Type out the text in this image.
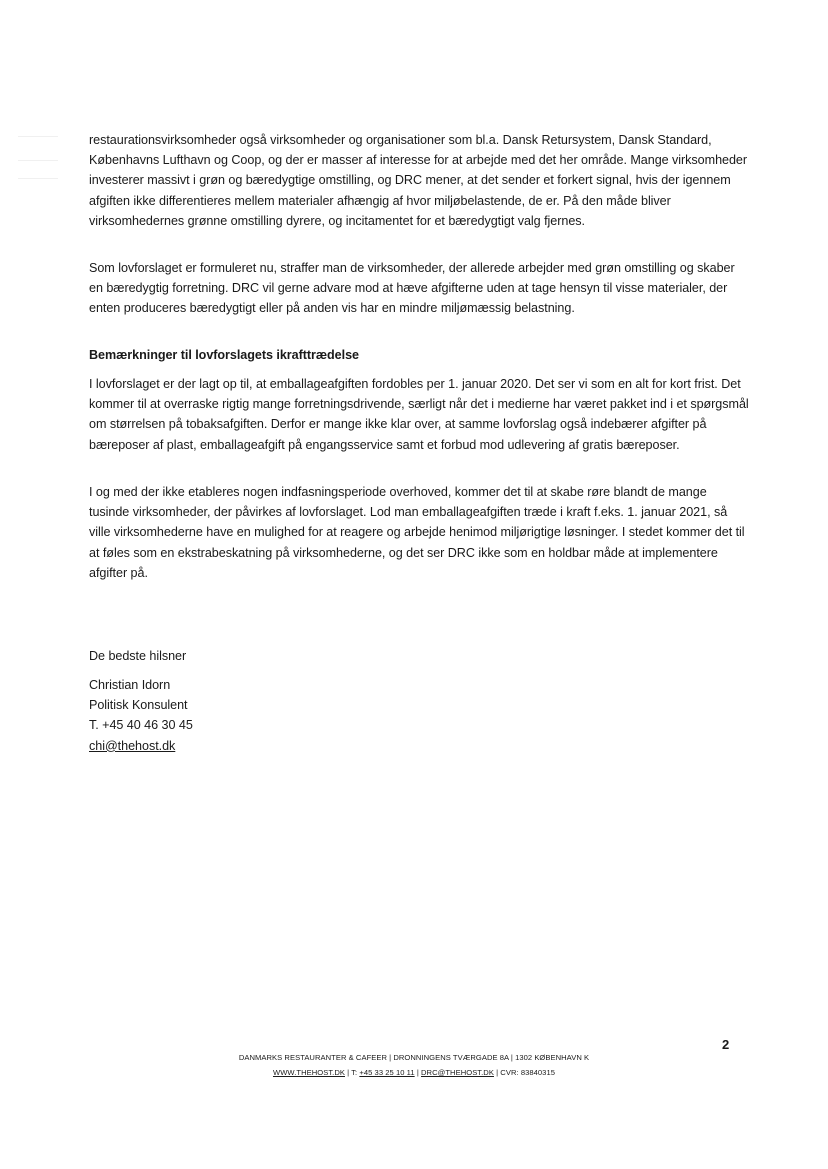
restaurationsvirksomheder også virksomheder og organisationer som bl.a. Dansk Retursystem, Dansk Standard, Københavns Lufthavn og Coop, og der er masser af interesse for at arbejde med det her område. Mange virksomheder investerer massivt i grøn og bæredygtige omstilling, og DRC mener, at det sender et forkert signal, hvis der igennem afgiften ikke differentieres mellem materialer afhængig af hvor miljøbelastende, de er. På den måde bliver virksomhedernes grønne omstilling dyrere, og incitamentet for et bæredygtigt valg fjernes.

Som lovforslaget er formuleret nu, straffer man de virksomheder, der allerede arbejder med grøn omstilling og skaber en bæredygtig forretning. DRC vil gerne advare mod at hæve afgifterne uden at tage hensyn til visse materialer, der enten produceres bæredygtigt eller på anden vis har en mindre miljømæssig belastning.

Bemærkninger til lovforslagets ikrafttrædelse

I lovforslaget er der lagt op til, at emballageafgiften fordobles per 1. januar 2020. Det ser vi som en alt for kort frist. Det kommer til at overraske rigtig mange forretningsdrivende, særligt når det i medierne har været pakket ind i et spørgsmål om størrelsen på tobaksafgiften. Derfor er mange ikke klar over, at samme lovforslag også indebærer afgifter på bæreposer af plast, emballageafgift på engangsservice samt et forbud mod udlevering af gratis bæreposer.

I og med der ikke etableres nogen indfasningsperiode overhoved, kommer det til at skabe røre blandt de mange tusinde virksomheder, der påvirkes af lovforslaget. Lod man emballageafgiften træde i kraft f.eks. 1. januar 2021, så ville virksomhederne have en mulighed for at reagere og arbejde henimod miljørigtige løsninger. I stedet kommer det til at føles som en ekstrabeskatning på virksomhederne, og det ser DRC ikke som en holdbar måde at implementere afgifter på.

De bedste hilsner

Christian Idorn
Politisk Konsulent
T. +45 40 46 30 45
chi@thehost.dk
2
DANMARKS RESTAURANTER & CAFEER | DRONNINGENS TVÆRGADE 8A | 1302 KØBENHAVN K
WWW.THEHOST.DK | T: +45 33 25 10 11 | DRC@THEHOST.DK | CVR: 83840315
